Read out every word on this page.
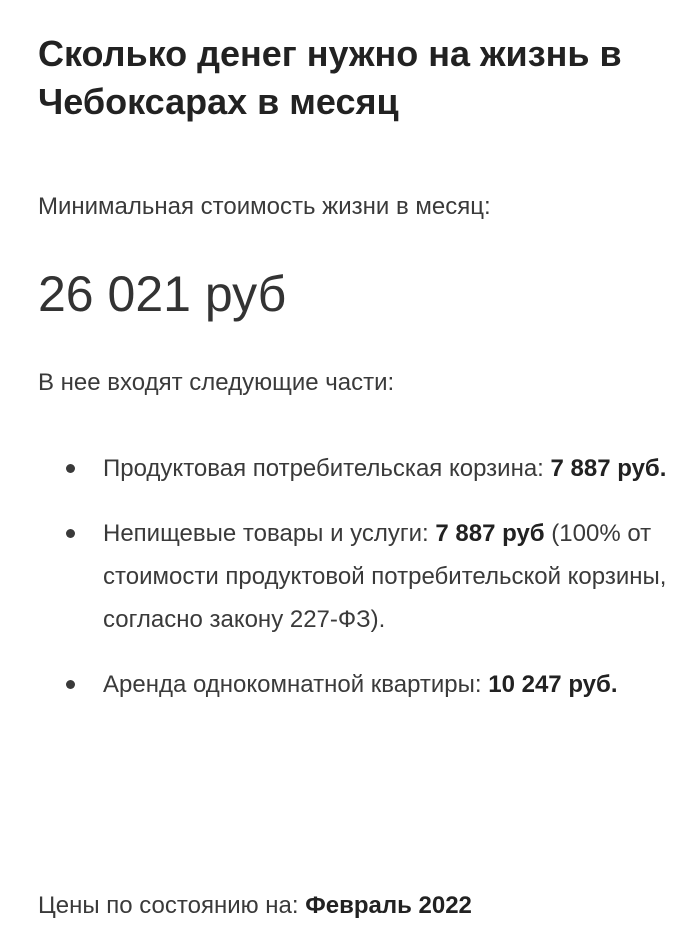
Сколько денег нужно на жизнь в Чебоксарах в месяц
Минимальная стоимость жизни в месяц:
26 021 руб
В нее входят следующие части:
Продуктовая потребительская корзина: 7 887 руб.
Непищевые товары и услуги: 7 887 руб (100% от стоимости продуктовой потребительской корзины, согласно закону 227-ФЗ).
Аренда однокомнатной квартиры: 10 247 руб.
Цены по состоянию на: Февраль 2022
